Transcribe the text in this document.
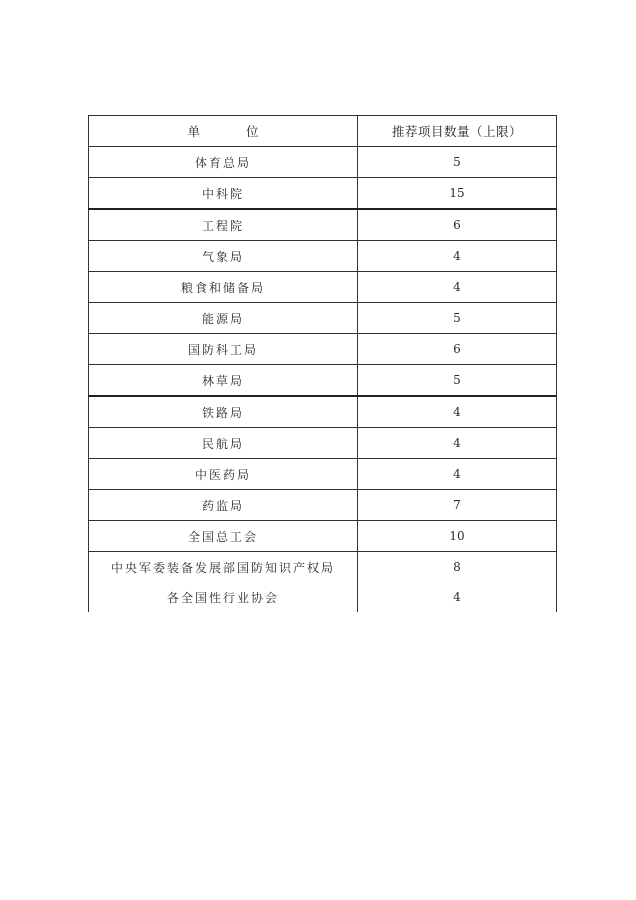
单 位	推荐项目数量（上限）
体育总局	5
中科院	15
工程院	6
气象局	4
粮食和储备局	4
能源局	5
国防科工局	6
林草局	5
铁路局	4
民航局	4
中医药局	4
药监局	7
全国总工会	10
中央军委装备发展部国防知识产权局	8
各全国性行业协会	4
